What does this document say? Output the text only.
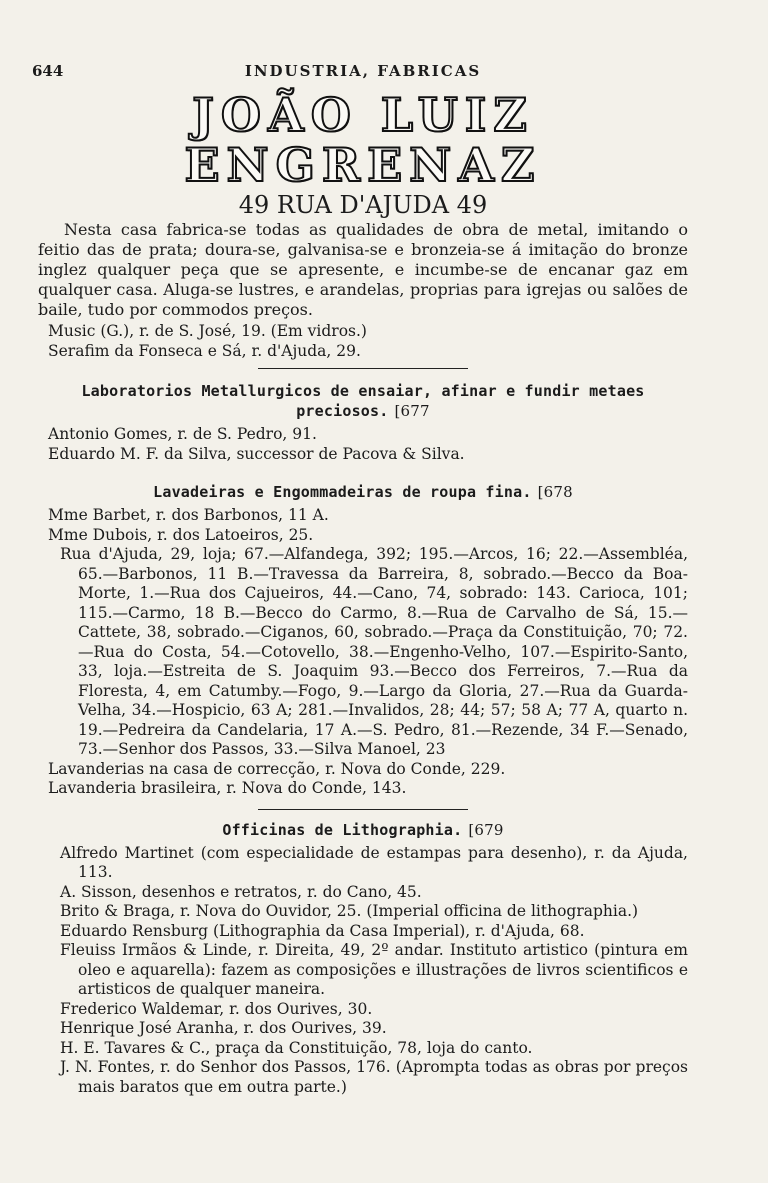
644	INDUSTRIA, FABRICAS
JOÃO LUIZ ENGRENAZ
49 RUA D'AJUDA 49

Nesta casa fabrica-se todas as qualidades de obra de metal, imitando o feitio das de prata; doura-se, galvanisa-se e bronzeia-se á imitação do bronze inglez qualquer peça que se apresente, e incumbe-se de encanar gaz em qualquer casa. Aluga-se lustres, e arandelas, proprias para igrejas ou salões de baile, tudo por commodos preços.

Music (G.), r. de S. José, 19. (Em vidros.)

Serafim da Fonseca e Sá, r. d'Ajuda, 29.

Laboratorios Metallurgicos de ensaiar, afinar e fundir metaes preciosos. [677

Antonio Gomes, r. de S. Pedro, 91.

Eduardo M. F. da Silva, successor de Pacova & Silva.

Lavadeiras e Engommadeiras de roupa fina. [678

Mme Barbet, r. dos Barbonos, 11 A.

Mme Dubois, r. dos Latoeiros, 25.

Rua d'Ajuda, 29, loja; 67.—Alfandega, 392; 195.—Arcos, 16; 22.—Assembléa, 65.—Barbonos, 11 B.—Travessa da Barreira, 8, sobrado.—Becco da Boa-Morte, 1.—Rua dos Cajueiros, 44.—Cano, 74, sobrado: 143. Carioca, 101; 115.—Carmo, 18 B.—Becco do Carmo, 8.—Rua de Carvalho de Sá, 15.—Cattete, 38, sobrado.—Ciganos, 60, sobrado.—Praça da Constituição, 70; 72.—Rua do Costa, 54.—Cotovello, 38.—Engenho-Velho, 107.—Espirito-Santo, 33, loja.—Estreita de S. Joaquim 93.—Becco dos Ferreiros, 7.—Rua da Floresta, 4, em Catumby.—Fogo, 9.—Largo da Gloria, 27.—Rua da Guarda-Velha, 34.—Hospicio, 63 A; 281.—Invalidos, 28; 44; 57; 58 A; 77 A, quarto n. 19.—Pedreira da Candelaria, 17 A.—S. Pedro, 81.—Rezende, 34 F.—Senado, 73.—Senhor dos Passos, 33.—Silva Manoel, 23

Lavanderias na casa de correcção, r. Nova do Conde, 229.

Lavanderia brasileira, r. Nova do Conde, 143.

Officinas de Lithographia. [679

Alfredo Martinet (com especialidade de estampas para desenho), r. da Ajuda, 113.

A. Sisson, desenhos e retratos, r. do Cano, 45.

Brito & Braga, r. Nova do Ouvidor, 25. (Imperial officina de lithographia.)

Eduardo Rensburg (Lithographia da Casa Imperial), r. d'Ajuda, 68.

Fleuiss Irmãos & Linde, r. Direita, 49, 2º andar. Instituto artistico (pintura em oleo e aquarella): fazem as composições e illustrações de livros scientificos e artisticos de qualquer maneira.

Frederico Waldemar, r. dos Ourives, 30.

Henrique José Aranha, r. dos Ourives, 39.

H. E. Tavares & C., praça da Constituição, 78, loja do canto.

J. N. Fontes, r. do Senhor dos Passos, 176. (Aprompta todas as obras por preços mais baratos que em outra parte.)
